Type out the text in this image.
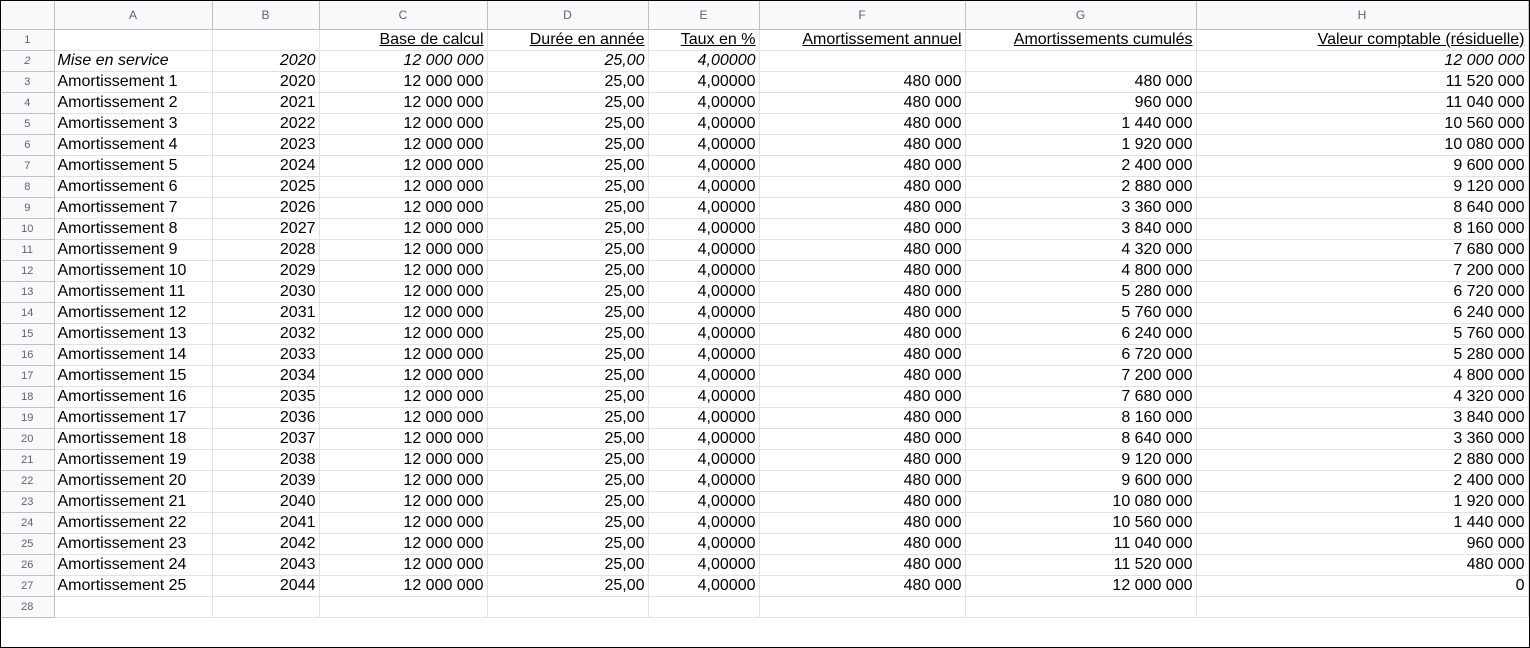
	A	B	C	D	E	F	G	H
1			Base de calcul	Durée en année	Taux en %	Amortissement annuel	Amortissements cumulés	Valeur comptable (résiduelle)
2	Mise en service	2020	12 000 000	25,00	4,00000			12 000 000
3	Amortissement 1	2020	12 000 000	25,00	4,00000	480 000	480 000	11 520 000
4	Amortissement 2	2021	12 000 000	25,00	4,00000	480 000	960 000	11 040 000
5	Amortissement 3	2022	12 000 000	25,00	4,00000	480 000	1 440 000	10 560 000
6	Amortissement 4	2023	12 000 000	25,00	4,00000	480 000	1 920 000	10 080 000
7	Amortissement 5	2024	12 000 000	25,00	4,00000	480 000	2 400 000	9 600 000
8	Amortissement 6	2025	12 000 000	25,00	4,00000	480 000	2 880 000	9 120 000
9	Amortissement 7	2026	12 000 000	25,00	4,00000	480 000	3 360 000	8 640 000
10	Amortissement 8	2027	12 000 000	25,00	4,00000	480 000	3 840 000	8 160 000
11	Amortissement 9	2028	12 000 000	25,00	4,00000	480 000	4 320 000	7 680 000
12	Amortissement 10	2029	12 000 000	25,00	4,00000	480 000	4 800 000	7 200 000
13	Amortissement 11	2030	12 000 000	25,00	4,00000	480 000	5 280 000	6 720 000
14	Amortissement 12	2031	12 000 000	25,00	4,00000	480 000	5 760 000	6 240 000
15	Amortissement 13	2032	12 000 000	25,00	4,00000	480 000	6 240 000	5 760 000
16	Amortissement 14	2033	12 000 000	25,00	4,00000	480 000	6 720 000	5 280 000
17	Amortissement 15	2034	12 000 000	25,00	4,00000	480 000	7 200 000	4 800 000
18	Amortissement 16	2035	12 000 000	25,00	4,00000	480 000	7 680 000	4 320 000
19	Amortissement 17	2036	12 000 000	25,00	4,00000	480 000	8 160 000	3 840 000
20	Amortissement 18	2037	12 000 000	25,00	4,00000	480 000	8 640 000	3 360 000
21	Amortissement 19	2038	12 000 000	25,00	4,00000	480 000	9 120 000	2 880 000
22	Amortissement 20	2039	12 000 000	25,00	4,00000	480 000	9 600 000	2 400 000
23	Amortissement 21	2040	12 000 000	25,00	4,00000	480 000	10 080 000	1 920 000
24	Amortissement 22	2041	12 000 000	25,00	4,00000	480 000	10 560 000	1 440 000
25	Amortissement 23	2042	12 000 000	25,00	4,00000	480 000	11 040 000	960 000
26	Amortissement 24	2043	12 000 000	25,00	4,00000	480 000	11 520 000	480 000
27	Amortissement 25	2044	12 000 000	25,00	4,00000	480 000	12 000 000	0
28								
